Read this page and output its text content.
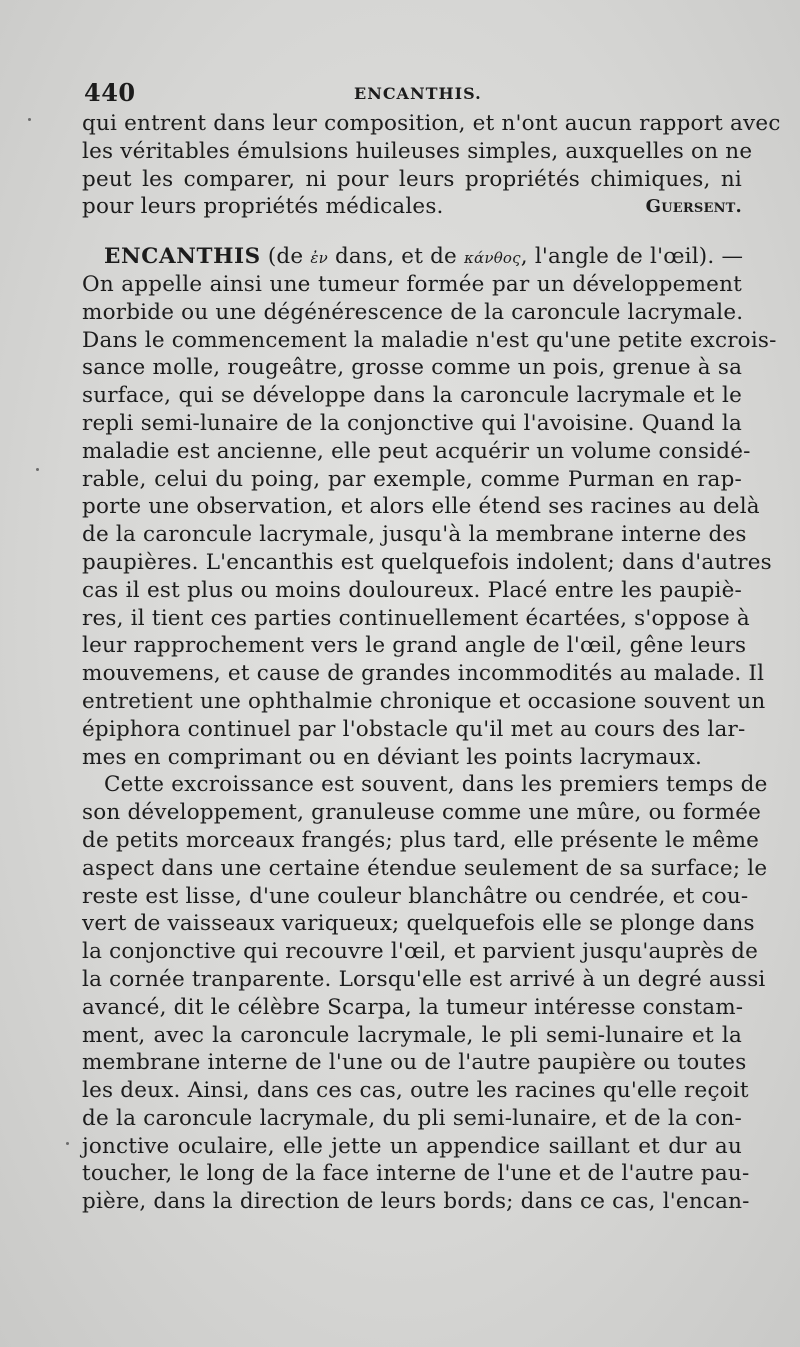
440	ENCANTHIS.
qui entrent dans leur composition, et n'ont aucun rapport avec
les véritables émulsions huileuses simples, auxquelles on ne
peut les comparer, ni pour leurs propriétés chimiques, ni
pour leurs propriétés médicales.	Guersent.
ENCANTHIS (de ἐν dans, et de κάνθος, l'angle de l'œil). —
On appelle ainsi une tumeur formée par un développement
morbide ou une dégénérescence de la caroncule lacrymale.
Dans le commencement la maladie n'est qu'une petite excrois-
sance molle, rougeâtre, grosse comme un pois, grenue à sa
surface, qui se développe dans la caroncule lacrymale et le
repli semi-lunaire de la conjonctive qui l'avoisine. Quand la
maladie est ancienne, elle peut acquérir un volume considé-
rable, celui du poing, par exemple, comme Purman en rap-
porte une observation, et alors elle étend ses racines au delà
de la caroncule lacrymale, jusqu'à la membrane interne des
paupières. L'encanthis est quelquefois indolent; dans d'autres
cas il est plus ou moins douloureux. Placé entre les paupiè-
res, il tient ces parties continuellement écartées, s'oppose à
leur rapprochement vers le grand angle de l'œil, gêne leurs
mouvemens, et cause de grandes incommodités au malade. Il
entretient une ophthalmie chronique et occasione souvent un
épiphora continuel par l'obstacle qu'il met au cours des lar-
mes en comprimant ou en déviant les points lacrymaux.
Cette excroissance est souvent, dans les premiers temps de
son développement, granuleuse comme une mûre, ou formée
de petits morceaux frangés; plus tard, elle présente le même
aspect dans une certaine étendue seulement de sa surface; le
reste est lisse, d'une couleur blanchâtre ou cendrée, et cou-
vert de vaisseaux variqueux; quelquefois elle se plonge dans
la conjonctive qui recouvre l'œil, et parvient jusqu'auprès de
la cornée tranparente. Lorsqu'elle est arrivé à un degré aussi
avancé, dit le célèbre Scarpa, la tumeur intéresse constam-
ment, avec la caroncule lacrymale, le pli semi-lunaire et la
membrane interne de l'une ou de l'autre paupière ou toutes
les deux. Ainsi, dans ces cas, outre les racines qu'elle reçoit
de la caroncule lacrymale, du pli semi-lunaire, et de la con-
jonctive oculaire, elle jette un appendice saillant et dur au
toucher, le long de la face interne de l'une et de l'autre pau-
pière, dans la direction de leurs bords; dans ce cas, l'encan-
